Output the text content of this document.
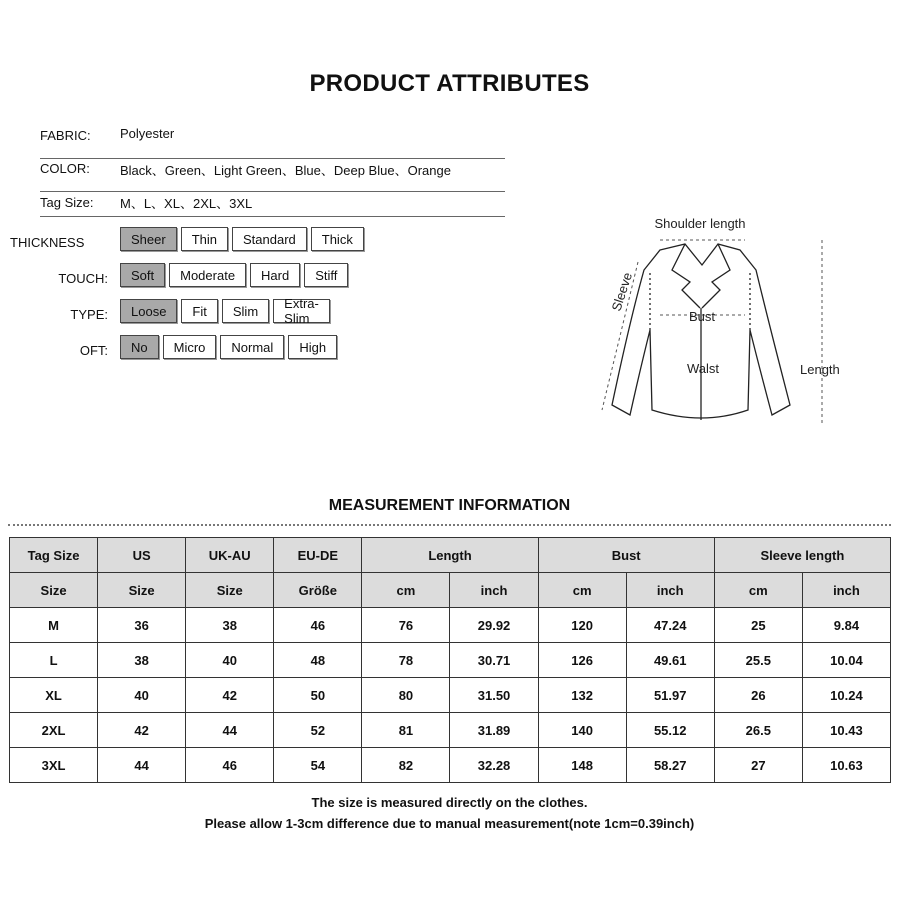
PRODUCT ATTRIBUTES
FABRIC: Polyester
COLOR: Black、Green、Light Green、Blue、Deep Blue、Orange
Tag Size: M、L、XL、2XL、3XL
THICKNESS	Sheer	Thin	Standard	Thick
TOUCH:	Soft	Moderate	Hard	Stiff
TYPE:	Loose	Fit	Slim	Extra-Slim
OFT:	No	Micro	Normal	High
Shoulder length
Bust
Walst	Length
Sleeve
MEASUREMENT INFORMATION
Tag Size	US	UK-AU	EU-DE	Length		Bust		Sleeve length	
Size	Size	Size	Größe	cm	inch	cm	inch	cm	inch
M	36	38	46	76	29.92	120	47.24	25	9.84
L	38	40	48	78	30.71	126	49.61	25.5	10.04
XL	40	42	50	80	31.50	132	51.97	26	10.24
2XL	42	44	52	81	31.89	140	55.12	26.5	10.43
3XL	44	46	54	82	32.28	148	58.27	27	10.63
The size is measured directly on the clothes.
Please allow 1-3cm difference due to manual measurement(note 1cm=0.39inch)
